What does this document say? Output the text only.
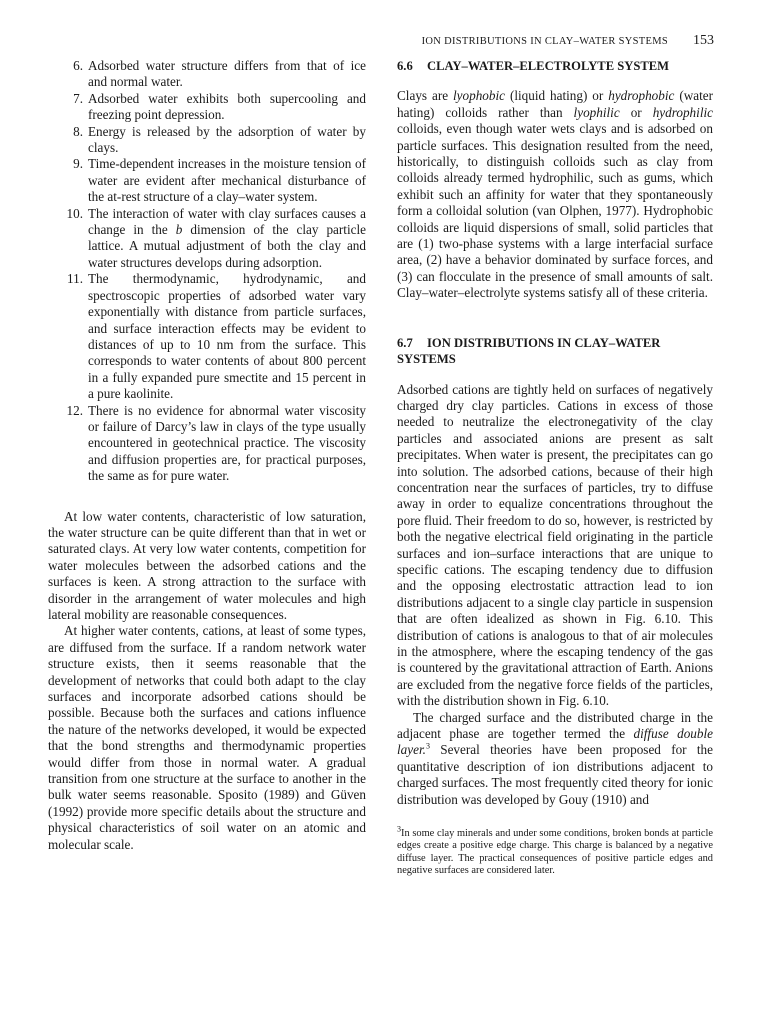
ION DISTRIBUTIONS IN CLAY–WATER SYSTEMS 153
6. Adsorbed water structure differs from that of ice and normal water.
7. Adsorbed water exhibits both supercooling and freezing point depression.
8. Energy is released by the adsorption of water by clays.
9. Time-dependent increases in the moisture tension of water are evident after mechanical disturbance of the at-rest structure of a clay–water system.
10. The interaction of water with clay surfaces causes a change in the b dimension of the clay particle lattice. A mutual adjustment of both the clay and water structures develops during adsorption.
11. The thermodynamic, hydrodynamic, and spectroscopic properties of adsorbed water vary exponentially with distance from particle surfaces, and surface interaction effects may be evident to distances of up to 10 nm from the surface. This corresponds to water contents of about 800 percent in a fully expanded pure smectite and 15 percent in a pure kaolinite.
12. There is no evidence for abnormal water viscosity or failure of Darcy’s law in clays of the type usually encountered in geotechnical practice. The viscosity and diffusion properties are, for practical purposes, the same as for pure water.

At low water contents, characteristic of low saturation, the water structure can be quite different than that in wet or saturated clays. At very low water contents, competition for water molecules between the adsorbed cations and the surfaces is keen. A strong attraction to the surface with disorder in the arrangement of water molecules and high lateral mobility are reasonable consequences.

At higher water contents, cations, at least of some types, are diffused from the surface. If a random network water structure exists, then it seems reasonable that the development of networks that could both adapt to the clay surfaces and incorporate adsorbed cations should be possible. Because both the surfaces and cations influence the nature of the networks developed, it would be expected that the bond strengths and thermodynamic properties would differ from those in normal water. A gradual transition from one structure at the surface to another in the bulk water seems reasonable. Sposito (1989) and Güven (1992) provide more specific details about the structure and physical characteristics of soil water on an atomic and molecular scale.

6.6 CLAY–WATER–ELECTROLYTE SYSTEM

Clays are lyophobic (liquid hating) or hydrophobic (water hating) colloids rather than lyophilic or hydrophilic colloids, even though water wets clays and is adsorbed on particle surfaces. This designation resulted from the need, historically, to distinguish colloids such as clay from colloids already termed hydrophilic, such as gums, which exhibit such an affinity for water that they spontaneously form a colloidal solution (van Olphen, 1977). Hydrophobic colloids are liquid dispersions of small, solid particles that are (1) two-phase systems with a large interfacial surface area, (2) have a behavior dominated by surface forces, and (3) can flocculate in the presence of small amounts of salt. Clay–water–electrolyte systems satisfy all of these criteria.

6.7 ION DISTRIBUTIONS IN CLAY–WATER SYSTEMS

Adsorbed cations are tightly held on surfaces of negatively charged dry clay particles. Cations in excess of those needed to neutralize the electronegativity of the clay particles and associated anions are present as salt precipitates. When water is present, the precipitates can go into solution. The adsorbed cations, because of their high concentration near the surfaces of particles, try to diffuse away in order to equalize concentrations throughout the pore fluid. Their freedom to do so, however, is restricted by both the negative electrical field originating in the particle surfaces and ion–surface interactions that are unique to specific cations. The escaping tendency due to diffusion and the opposing electrostatic attraction lead to ion distributions adjacent to a single clay particle in suspension that are often idealized as shown in Fig. 6.10. This distribution of cations is analogous to that of air molecules in the atmosphere, where the escaping tendency of the gas is countered by the gravitational attraction of Earth. Anions are excluded from the negative force fields of the particles, with the distribution shown in Fig. 6.10.

The charged surface and the distributed charge in the adjacent phase are together termed the diffuse double layer.$^3$ Several theories have been proposed for the quantitative description of ion distributions adjacent to charged surfaces. The most frequently cited theory for ionic distribution was developed by Gouy (1910) and

$^3$In some clay minerals and under some conditions, broken bonds at particle edges create a positive edge charge. This charge is balanced by a negative diffuse layer. The practical consequences of positive particle edges and negative surfaces are considered later.
